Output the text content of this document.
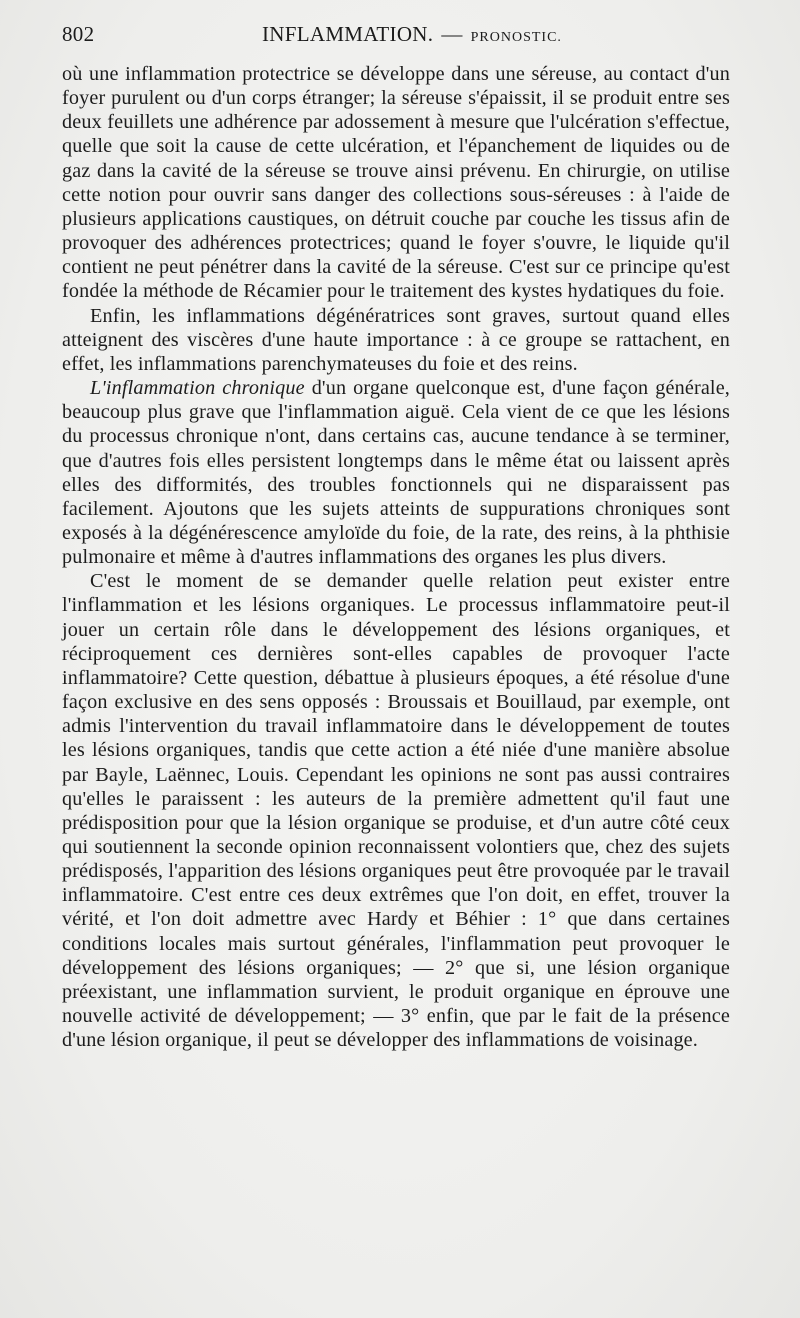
802	INFLAMMATION. — PRONOSTIC.

où une inflammation protectrice se développe dans une séreuse, au contact d'un foyer purulent ou d'un corps étranger; la séreuse s'épaissit, il se produit entre ses deux feuillets une adhérence par adossement à mesure que l'ulcération s'effectue, quelle que soit la cause de cette ulcération, et l'épanchement de liquides ou de gaz dans la cavité de la séreuse se trouve ainsi prévenu. En chirurgie, on utilise cette notion pour ouvrir sans danger des collections sous-séreuses : à l'aide de plusieurs applications caustiques, on détruit couche par couche les tissus afin de provoquer des adhérences protectrices; quand le foyer s'ouvre, le liquide qu'il contient ne peut pénétrer dans la cavité de la séreuse. C'est sur ce principe qu'est fondée la méthode de Récamier pour le traitement des kystes hydatiques du foie.

Enfin, les inflammations dégénératrices sont graves, surtout quand elles atteignent des viscères d'une haute importance : à ce groupe se rattachent, en effet, les inflammations parenchymateuses du foie et des reins.

L'inflammation chronique d'un organe quelconque est, d'une façon générale, beaucoup plus grave que l'inflammation aiguë. Cela vient de ce que les lésions du processus chronique n'ont, dans certains cas, aucune tendance à se terminer, que d'autres fois elles persistent longtemps dans le même état ou laissent après elles des difformités, des troubles fonctionnels qui ne disparaissent pas facilement. Ajoutons que les sujets atteints de suppurations chroniques sont exposés à la dégénérescence amyloïde du foie, de la rate, des reins, à la phthisie pulmonaire et même à d'autres inflammations des organes les plus divers.

C'est le moment de se demander quelle relation peut exister entre l'inflammation et les lésions organiques. Le processus inflammatoire peut-il jouer un certain rôle dans le développement des lésions organiques, et réciproquement ces dernières sont-elles capables de provoquer l'acte inflammatoire? Cette question, débattue à plusieurs époques, a été résolue d'une façon exclusive en des sens opposés : Broussais et Bouillaud, par exemple, ont admis l'intervention du travail inflammatoire dans le développement de toutes les lésions organiques, tandis que cette action a été niée d'une manière absolue par Bayle, Laënnec, Louis. Cependant les opinions ne sont pas aussi contraires qu'elles le paraissent : les auteurs de la première admettent qu'il faut une prédisposition pour que la lésion organique se produise, et d'un autre côté ceux qui soutiennent la seconde opinion reconnaissent volontiers que, chez des sujets prédisposés, l'apparition des lésions organiques peut être provoquée par le travail inflammatoire. C'est entre ces deux extrêmes que l'on doit, en effet, trouver la vérité, et l'on doit admettre avec Hardy et Béhier : 1° que dans certaines conditions locales mais surtout générales, l'inflammation peut provoquer le développement des lésions organiques; — 2° que si, une lésion organique préexistant, une inflammation survient, le produit organique en éprouve une nouvelle activité de développement; — 3° enfin, que par le fait de la présence d'une lésion organique, il peut se développer des inflammations de voisinage.
